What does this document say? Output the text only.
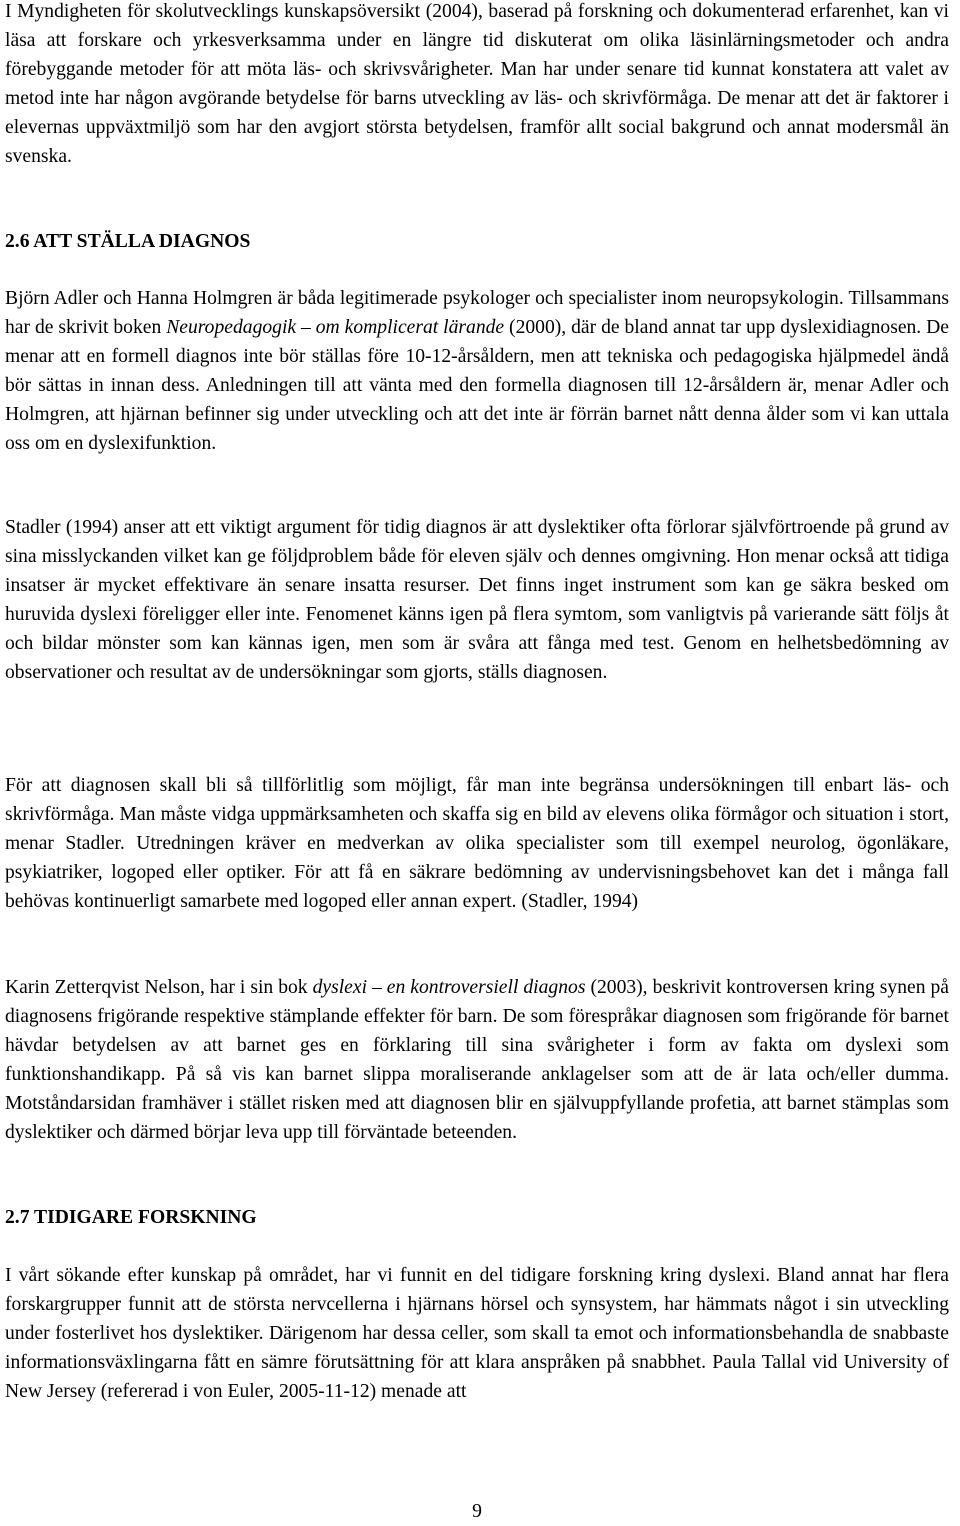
I Myndigheten för skolutvecklings kunskapsöversikt (2004), baserad på forskning och dokumenterad erfarenhet, kan vi läsa att forskare och yrkesverksamma under en längre tid diskuterat om olika läsinlärningsmetoder och andra förebyggande metoder för att möta läs- och skrivsvårigheter. Man har under senare tid kunnat konstatera att valet av metod inte har någon avgörande betydelse för barns utveckling av läs- och skrivförmåga. De menar att det är faktorer i elevernas uppväxtmiljö som har den avgjort största betydelsen, framför allt social bakgrund och annat modersmål än svenska.

2.6 ATT STÄLLA DIAGNOS

Björn Adler och Hanna Holmgren är båda legitimerade psykologer och specialister inom neuropsykologin. Tillsammans har de skrivit boken Neuropedagogik – om komplicerat lärande (2000), där de bland annat tar upp dyslexidiagnosen. De menar att en formell diagnos inte bör ställas före 10-12-årsåldern, men att tekniska och pedagogiska hjälpmedel ändå bör sättas in innan dess. Anledningen till att vänta med den formella diagnosen till 12-årsåldern är, menar Adler och Holmgren, att hjärnan befinner sig under utveckling och att det inte är förrän barnet nått denna ålder som vi kan uttala oss om en dyslexifunktion.

Stadler (1994) anser att ett viktigt argument för tidig diagnos är att dyslektiker ofta förlorar självförtroende på grund av sina misslyckanden vilket kan ge följdproblem både för eleven själv och dennes omgivning. Hon menar också att tidiga insatser är mycket effektivare än senare insatta resurser. Det finns inget instrument som kan ge säkra besked om huruvida dyslexi föreligger eller inte. Fenomenet känns igen på flera symtom, som vanligtvis på varierande sätt följs åt och bildar mönster som kan kännas igen, men som är svåra att fånga med test. Genom en helhetsbedömning av observationer och resultat av de undersökningar som gjorts, ställs diagnosen.

För att diagnosen skall bli så tillförlitlig som möjligt, får man inte begränsa undersökningen till enbart läs- och skrivförmåga. Man måste vidga uppmärksamheten och skaffa sig en bild av elevens olika förmågor och situation i stort, menar Stadler. Utredningen kräver en medverkan av olika specialister som till exempel neurolog, ögonläkare, psykiatriker, logoped eller optiker. För att få en säkrare bedömning av undervisningsbehovet kan det i många fall behövas kontinuerligt samarbete med logoped eller annan expert. (Stadler, 1994)

Karin Zetterqvist Nelson, har i sin bok dyslexi – en kontroversiell diagnos (2003), beskrivit kontroversen kring synen på diagnosens frigörande respektive stämplande effekter för barn. De som förespråkar diagnosen som frigörande för barnet hävdar betydelsen av att barnet ges en förklaring till sina svårigheter i form av fakta om dyslexi som funktionshandikapp. På så vis kan barnet slippa moraliserande anklagelser som att de är lata och/eller dumma. Motståndarsidan framhäver i stället risken med att diagnosen blir en självuppfyllande profetia, att barnet stämplas som dyslektiker och därmed börjar leva upp till förväntade beteenden.

2.7 TIDIGARE FORSKNING

I vårt sökande efter kunskap på området, har vi funnit en del tidigare forskning kring dyslexi. Bland annat har flera forskargrupper funnit att de största nervcellerna i hjärnans hörsel och synsystem, har hämmats något i sin utveckling under fosterlivet hos dyslektiker. Därigenom har dessa celler, som skall ta emot och informationsbehandla de snabbaste informationsväxlingarna fått en sämre förutsättning för att klara anspråken på snabbhet. Paula Tallal vid University of New Jersey (refererad i von Euler, 2005-11-12) menade att

9
